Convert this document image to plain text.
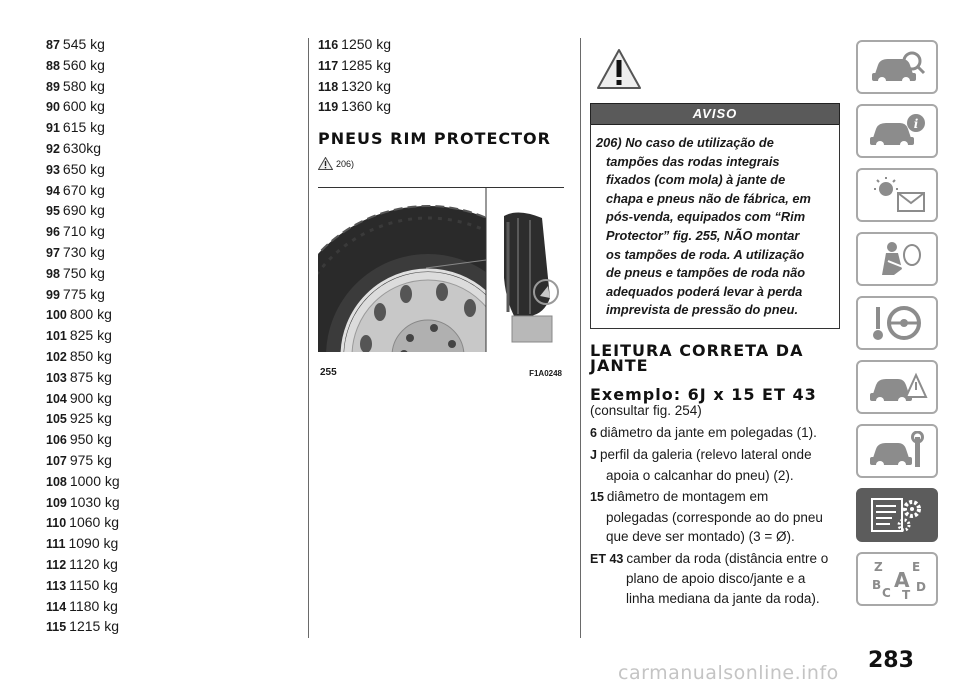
87 545 kg
88 560 kg
89 580 kg
90 600 kg
91 615 kg
92 630kg
93 650 kg
94 670 kg
95 690 kg
96 710 kg
97 730 kg
98 750 kg
99 775 kg
100 800 kg
101 825 kg
102 850 kg
103 875 kg
104 900 kg
105 925 kg
106 950 kg
107 975 kg
108 1000 kg
109 1030 kg
110 1060 kg
111 1090 kg
112 1120 kg
113 1150 kg
114 1180 kg
115 1215 kg
116 1250 kg
117 1285 kg
118 1320 kg
119 1360 kg
PNEUS RIM PROTECTOR
206)
255	F1A0248
AVISO
206) No caso de utilização de
tampões das rodas integrais
fixados (com mola) à jante de
chapa e pneus não de fábrica, em
pós-venda, equipados com “Rim
Protector” fig. 255, NÃO montar
os tampões de roda. A utilização
de pneus e tampões de roda não
adequados poderá levar à perda
imprevista de pressão do pneu.
LEITURA CORRETA DA
JANTE
Exemplo: 6J x 15 ET 43
(consultar fig. 254)
6 diâmetro da jante em polegadas (1).
J perfil da galeria (relevo lateral onde
apoia o calcanhar do pneu) (2).
15 diâmetro de montagem em
polegadas (corresponde ao do pneu
que deve ser montado) (3 = Ø).
ET 43 camber da roda (distância entre o
plano de apoio disco/jante e a
linha mediana da jante da roda).
i
Z E
B A D
C T
283
carmanualsonline.info
